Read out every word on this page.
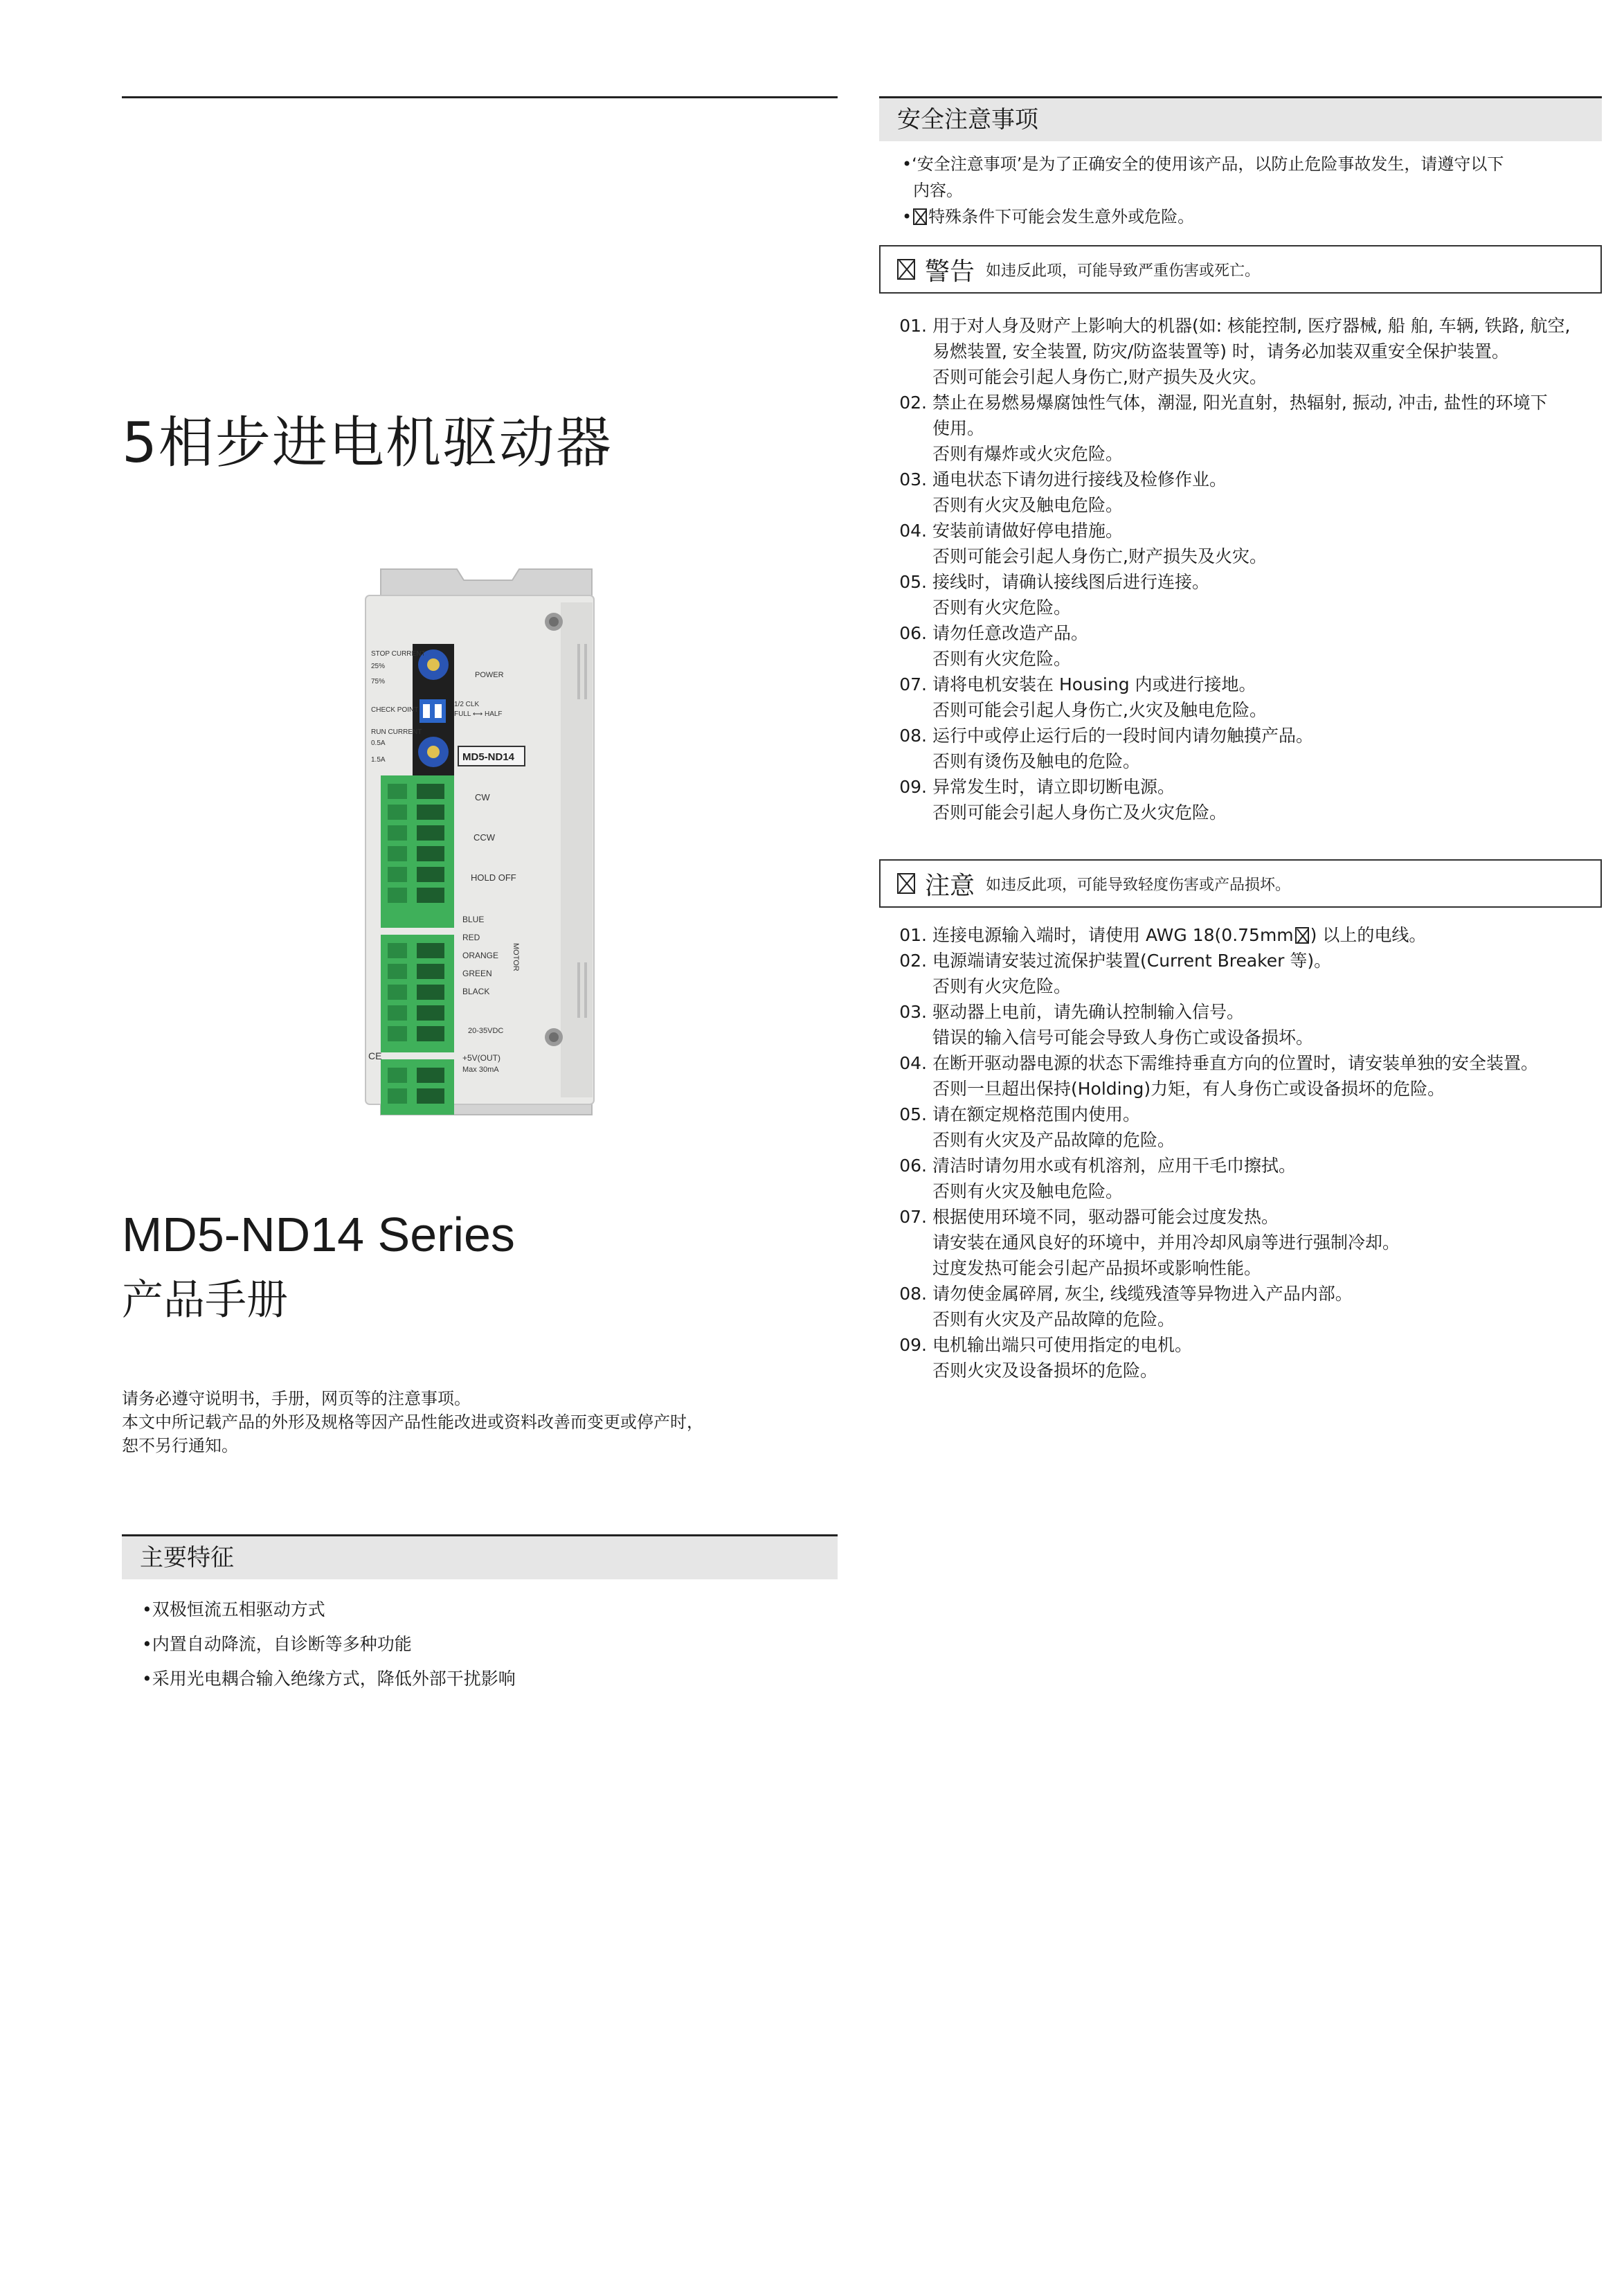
5相步进电机驱动器
STOP CURRENT
25%
75%
CHECK POINT
RUN CURRENT
0.5A
1.5A
POWER
1/2 CLK
FULL ⟷ HALF
MD5-ND14
CW
CCW
HOLD OFF
BLUE
RED
ORANGE
GREEN
BLACK
MOTOR
20-35VDC
+5V(OUT)
Max 30mA
CE
MD5-ND14 Series
产品手册
请务必遵守说明书，手册，网页等的注意事项。
本文中所记载产品的外形及规格等因产品性能改进或资料改善而变更或停产时，
恕不另行通知。
主要特征
•双极恒流五相驱动方式
•内置自动降流，自诊断等多种功能
•采用光电耦合输入绝缘方式，降低外部干扰影响
安全注意事项
•‘安全注意事项’是为了正确安全的使用该产品，以防止危险事故发生，请遵守以下
内容。
• 特殊条件下可能会发生意外或危险。
警告 如违反此项，可能导致严重伤害或死亡。
01. 用于对人身及财产上影响大的机器(如: 核能控制, 医疗器械, 船 舶, 车辆, 铁路, 航空,
易燃装置, 安全装置, 防灾/防盗装置等) 时，请务必加装双重安全保护装置。
否则可能会引起人身伤亡,财产损失及火灾。
02. 禁止在易燃易爆腐蚀性气体，潮湿, 阳光直射，热辐射, 振动, 冲击, 盐性的环境下
使用。
否则有爆炸或火灾危险。
03. 通电状态下请勿进行接线及检修作业。
否则有火灾及触电危险。
04. 安装前请做好停电措施。
否则可能会引起人身伤亡,财产损失及火灾。
05. 接线时，请确认接线图后进行连接。
否则有火灾危险。
06. 请勿任意改造产品。
否则有火灾危险。
07. 请将电机安装在 Housing 内或进行接地。
否则可能会引起人身伤亡,火灾及触电危险。
08. 运行中或停止运行后的一段时间内请勿触摸产品。
否则有烫伤及触电的危险。
09. 异常发生时，请立即切断电源。
否则可能会引起人身伤亡及火灾危险。
注意 如违反此项，可能导致轻度伤害或产品损坏。
01. 连接电源输入端时，请使用 AWG 18(0.75mm ) 以上的电线。
02. 电源端请安装过流保护装置(Current Breaker 等)。
否则有火灾危险。
03. 驱动器上电前，请先确认控制输入信号。
错误的输入信号可能会导致人身伤亡或设备损坏。
04. 在断开驱动器电源的状态下需维持垂直方向的位置时，请安装单独的安全装置。
否则一旦超出保持(Holding)力矩，有人身伤亡或设备损坏的危险。
05. 请在额定规格范围内使用。
否则有火灾及产品故障的危险。
06. 清洁时请勿用水或有机溶剂，应用干毛巾擦拭。
否则有火灾及触电危险。
07. 根据使用环境不同，驱动器可能会过度发热。
请安装在通风良好的环境中，并用冷却风扇等进行强制冷却。
过度发热可能会引起产品损坏或影响性能。
08. 请勿使金属碎屑, 灰尘, 线缆残渣等异物进入产品内部。
否则有火灾及产品故障的危险。
09. 电机输出端只可使用指定的电机。
否则火灾及设备损坏的危险。
